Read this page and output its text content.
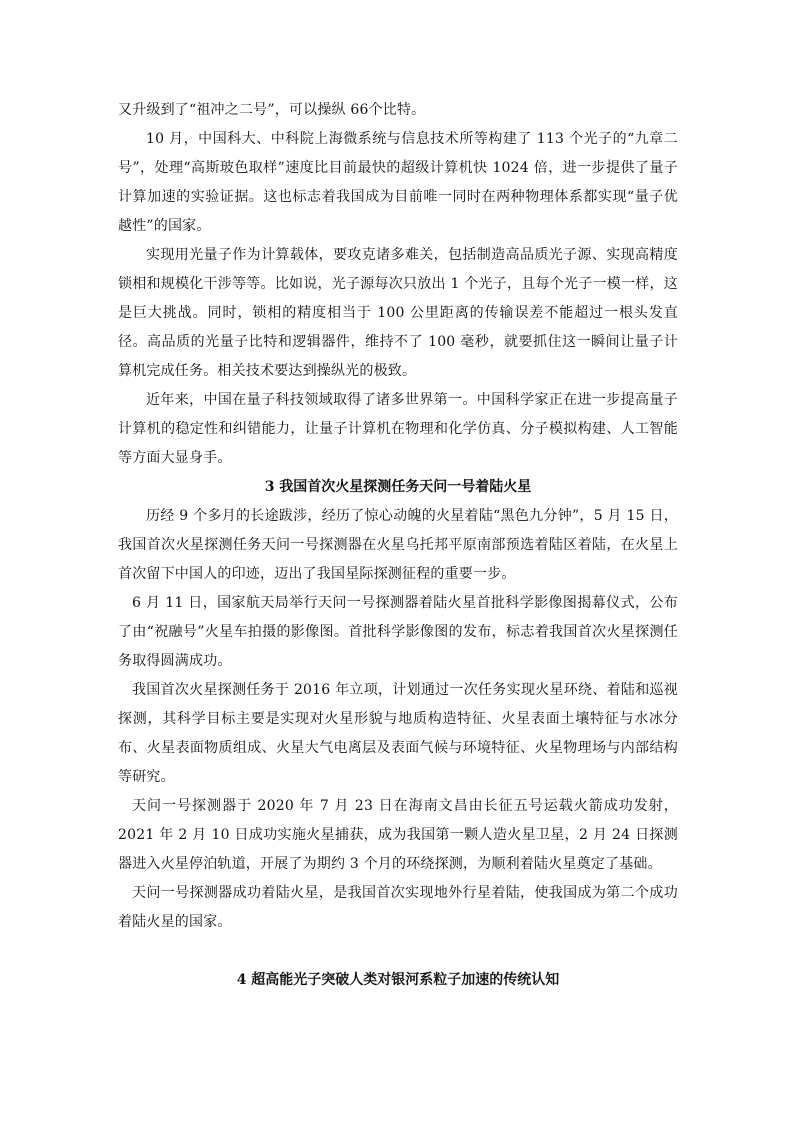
又升级到了“祖冲之二号”，可以操纵 66个比特。

10 月，中国科大、中科院上海微系统与信息技术所等构建了 113 个光子的“九章二号”，处理“高斯玻色取样”速度比目前最快的超级计算机快 1024 倍，进一步提供了量子计算加速的实验证据。这也标志着我国成为目前唯一同时在两种物理体系都实现“量子优越性”的国家。

实现用光量子作为计算载体，要攻克诸多难关，包括制造高品质光子源、实现高精度锁相和规模化干涉等等。比如说，光子源每次只放出 1 个光子，且每个光子一模一样，这是巨大挑战。同时，锁相的精度相当于 100 公里距离的传输误差不能超过一根头发直径。高品质的光量子比特和逻辑器件，维持不了 100 毫秒，就要抓住这一瞬间让量子计算机完成任务。相关技术要达到操纵光的极致。

近年来，中国在量子科技领域取得了诸多世界第一。中国科学家正在进一步提高量子计算机的稳定性和纠错能力，让量子计算机在物理和化学仿真、分子模拟构建、人工智能等方面大显身手。

3 我国首次火星探测任务天问一号着陆火星

历经 9 个多月的长途跋涉，经历了惊心动魄的火星着陆“黑色九分钟”，5 月 15 日，我国首次火星探测任务天问一号探测器在火星乌托邦平原南部预选着陆区着陆，在火星上首次留下中国人的印迹，迈出了我国星际探测征程的重要一步。

6 月 11 日，国家航天局举行天问一号探测器着陆火星首批科学影像图揭幕仪式，公布了由“祝融号”火星车拍摄的影像图。首批科学影像图的发布，标志着我国首次火星探测任务取得圆满成功。

我国首次火星探测任务于 2016 年立项，计划通过一次任务实现火星环绕、着陆和巡视探测，其科学目标主要是实现对火星形貌与地质构造特征、火星表面土壤特征与水冰分布、火星表面物质组成、火星大气电离层及表面气候与环境特征、火星物理场与内部结构等研究。

天问一号探测器于 2020 年 7 月 23 日在海南文昌由长征五号运载火箭成功发射，2021 年 2 月 10 日成功实施火星捕获，成为我国第一颗人造火星卫星，2 月 24 日探测器进入火星停泊轨道，开展了为期约 3 个月的环绕探测，为顺利着陆火星奠定了基础。

天问一号探测器成功着陆火星，是我国首次实现地外行星着陆，使我国成为第二个成功着陆火星的国家。

4 超高能光子突破人类对银河系粒子加速的传统认知
